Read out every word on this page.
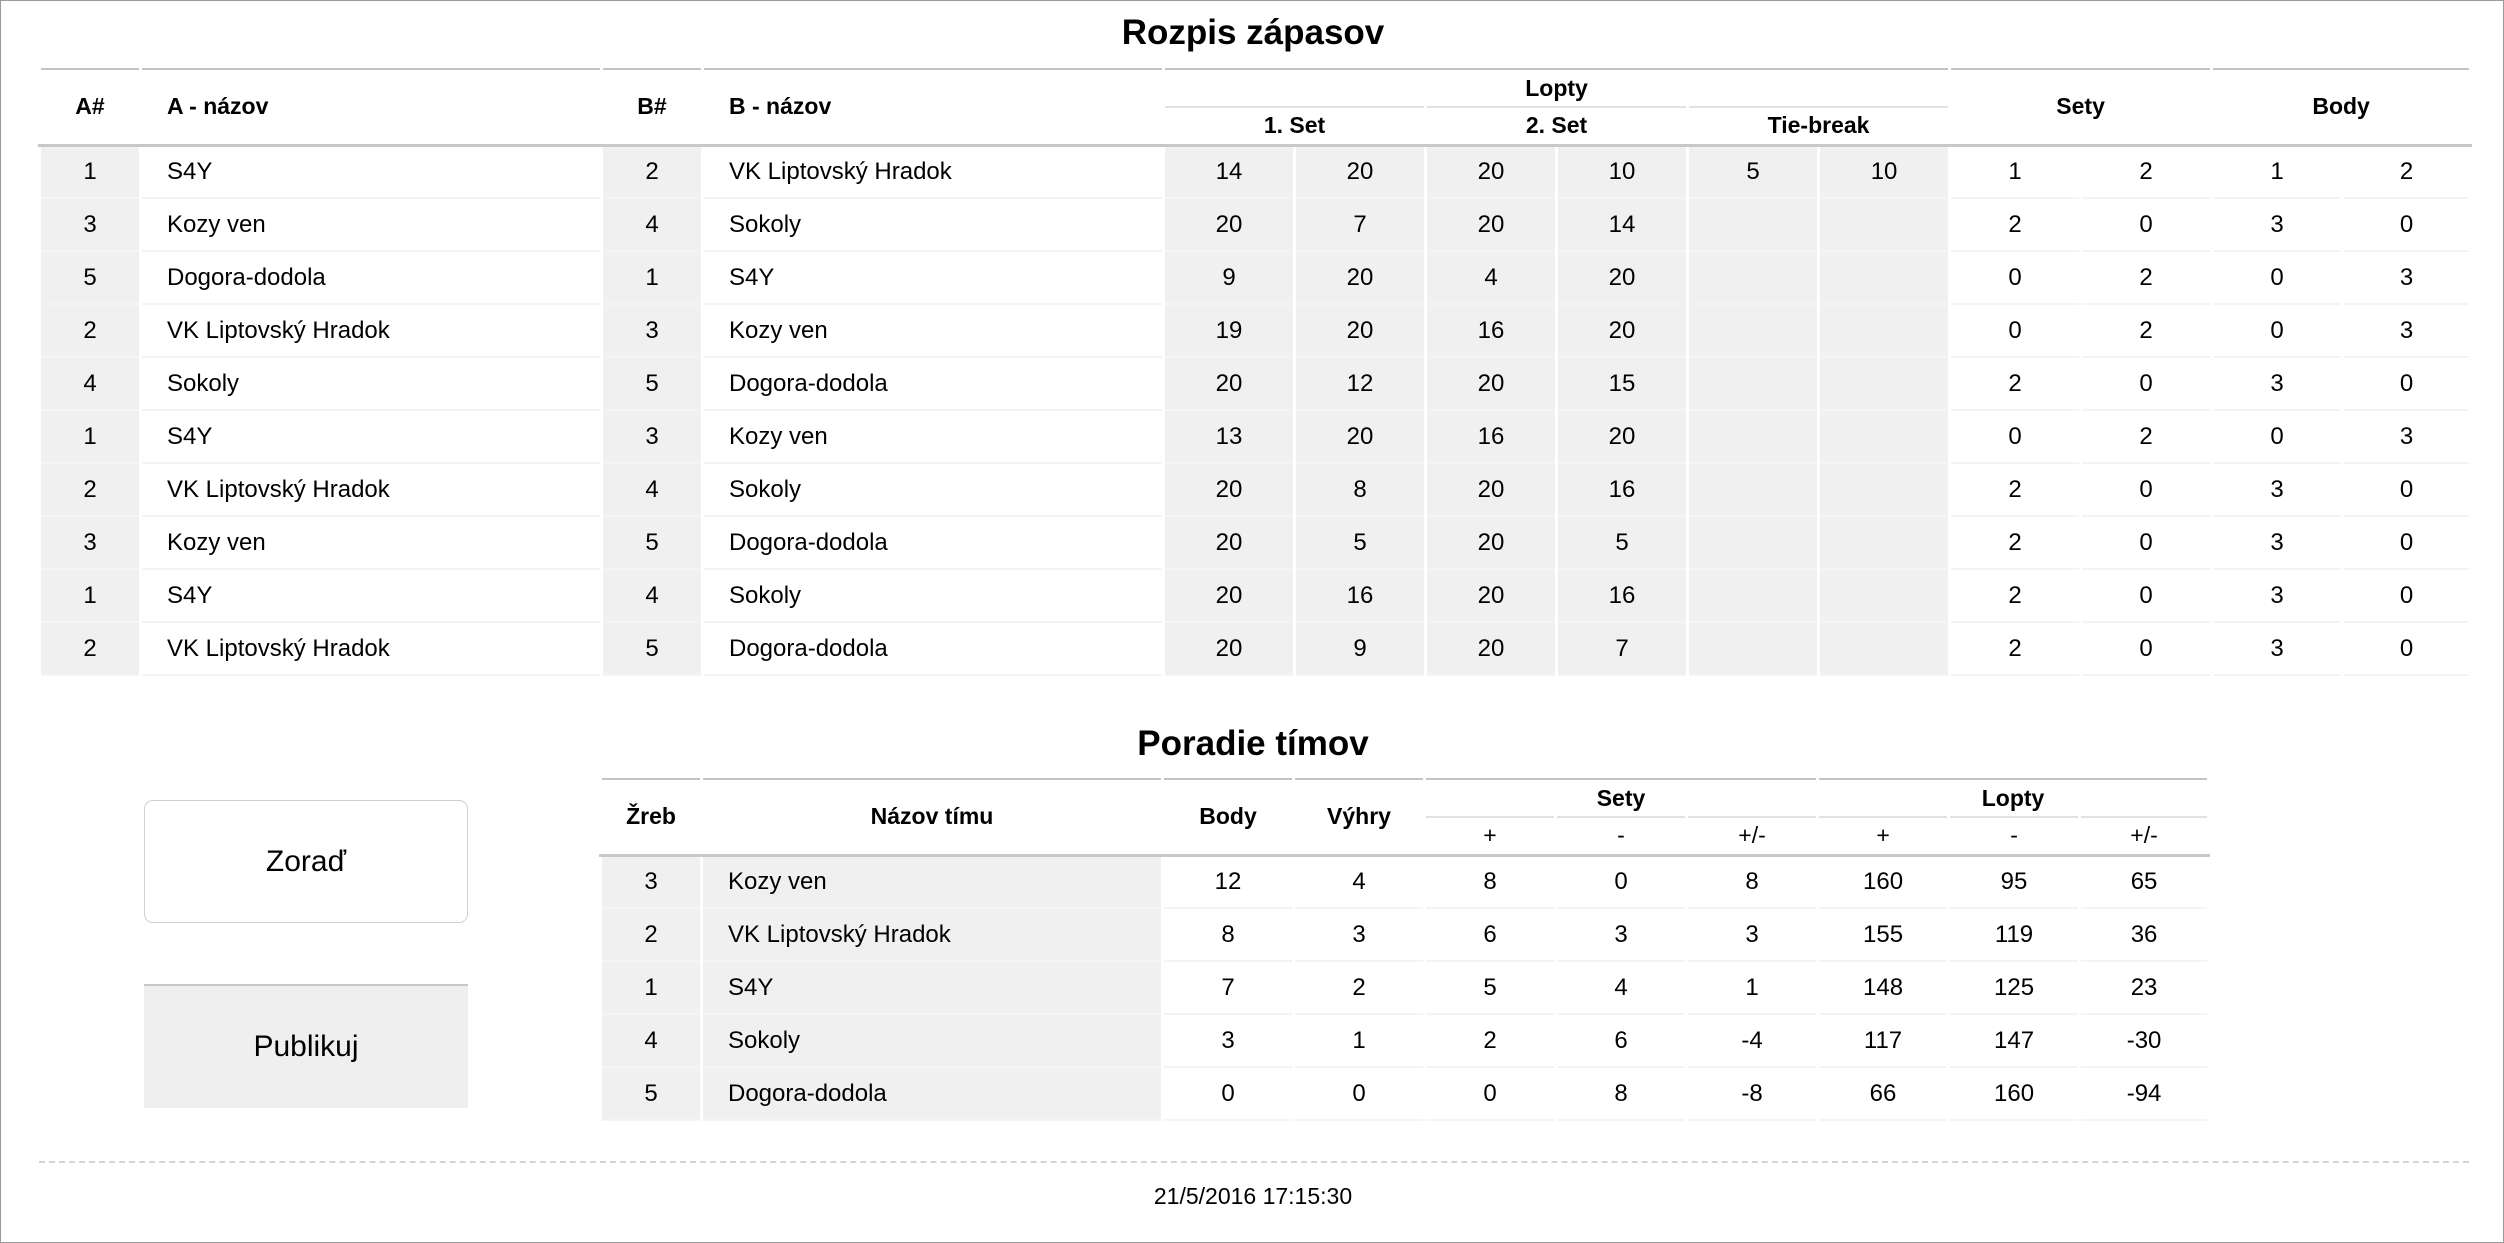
Rozpis zápasov
A#	A - názov	B#	B - názov	Lopty						Sety		Body	
				1. Set		2. Set		Tie-break					
1	S4Y	2	VK Liptovský Hradok	14	20	20	10	5	10	1	2	1	2
3	Kozy ven	4	Sokoly	20	7	20	14			2	0	3	0
5	Dogora-dodola	1	S4Y	9	20	4	20			0	2	0	3
2	VK Liptovský Hradok	3	Kozy ven	19	20	16	20			0	2	0	3
4	Sokoly	5	Dogora-dodola	20	12	20	15			2	0	3	0
1	S4Y	3	Kozy ven	13	20	16	20			0	2	0	3
2	VK Liptovský Hradok	4	Sokoly	20	8	20	16			2	0	3	0
3	Kozy ven	5	Dogora-dodola	20	5	20	5			2	0	3	0
1	S4Y	4	Sokoly	20	16	20	16			2	0	3	0
2	VK Liptovský Hradok	5	Dogora-dodola	20	9	20	7			2	0	3	0
Poradie tímov
Zoraď
Publikuj
Žreb	Názov tímu	Body	Výhry	Sety			Lopty		
				+	-	+/-	+	-	+/-
3	Kozy ven	12	4	8	0	8	160	95	65
2	VK Liptovský Hradok	8	3	6	3	3	155	119	36
1	S4Y	7	2	5	4	1	148	125	23
4	Sokoly	3	1	2	6	-4	117	147	-30
5	Dogora-dodola	0	0	0	8	-8	66	160	-94
21/5/2016 17:15:30
